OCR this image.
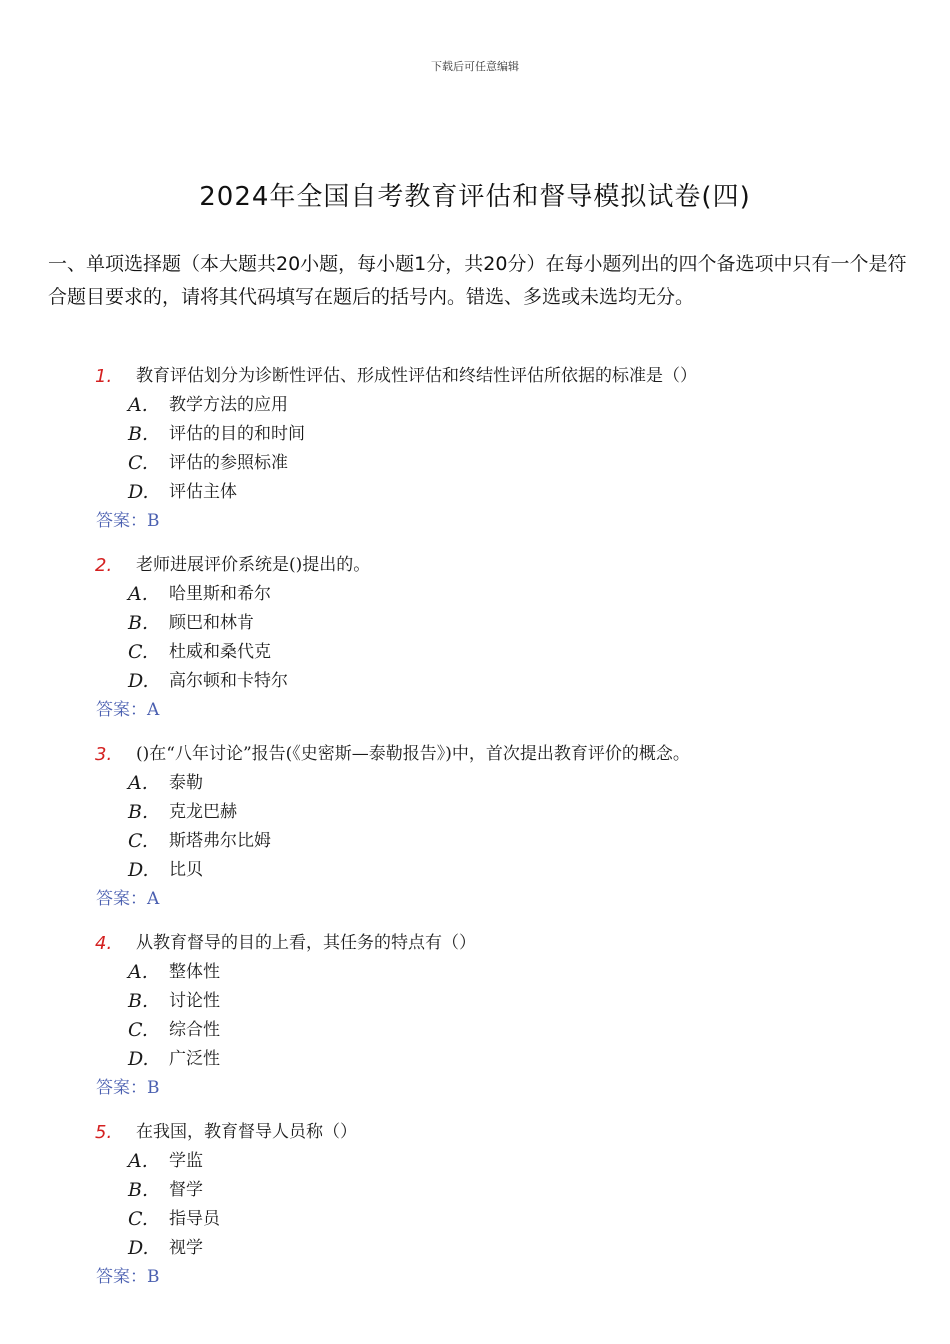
下载后可任意编辑
2024年全国自考教育评估和督导模拟试卷(四)
一、单项选择题（本大题共20小题，每小题1分，共20分）在每小题列出的四个备选项中只有一个是符合题目要求的，请将其代码填写在题后的括号内。错选、多选或未选均无分。
1. 教育评估划分为诊断性评估、形成性评估和终结性评估所依据的标准是（）
A. 教学方法的应用
B. 评估的目的和时间
C. 评估的参照标准
D. 评估主体
答案：B
2. 老师进展评价系统是()提出的。
A. 哈里斯和希尔
B. 顾巴和林肯
C. 杜威和桑代克
D. 高尔顿和卡特尔
答案：A
3. ()在“八年讨论”报告(《史密斯—泰勒报告》)中，首次提出教育评价的概念。
A. 泰勒
B. 克龙巴赫
C. 斯塔弗尔比姆
D. 比贝
答案：A
4. 从教育督导的目的上看，其任务的特点有（）
A. 整体性
B. 讨论性
C. 综合性
D. 广泛性
答案：B
5. 在我国，教育督导人员称（）
A. 学监
B. 督学
C. 指导员
D. 视学
答案：B
